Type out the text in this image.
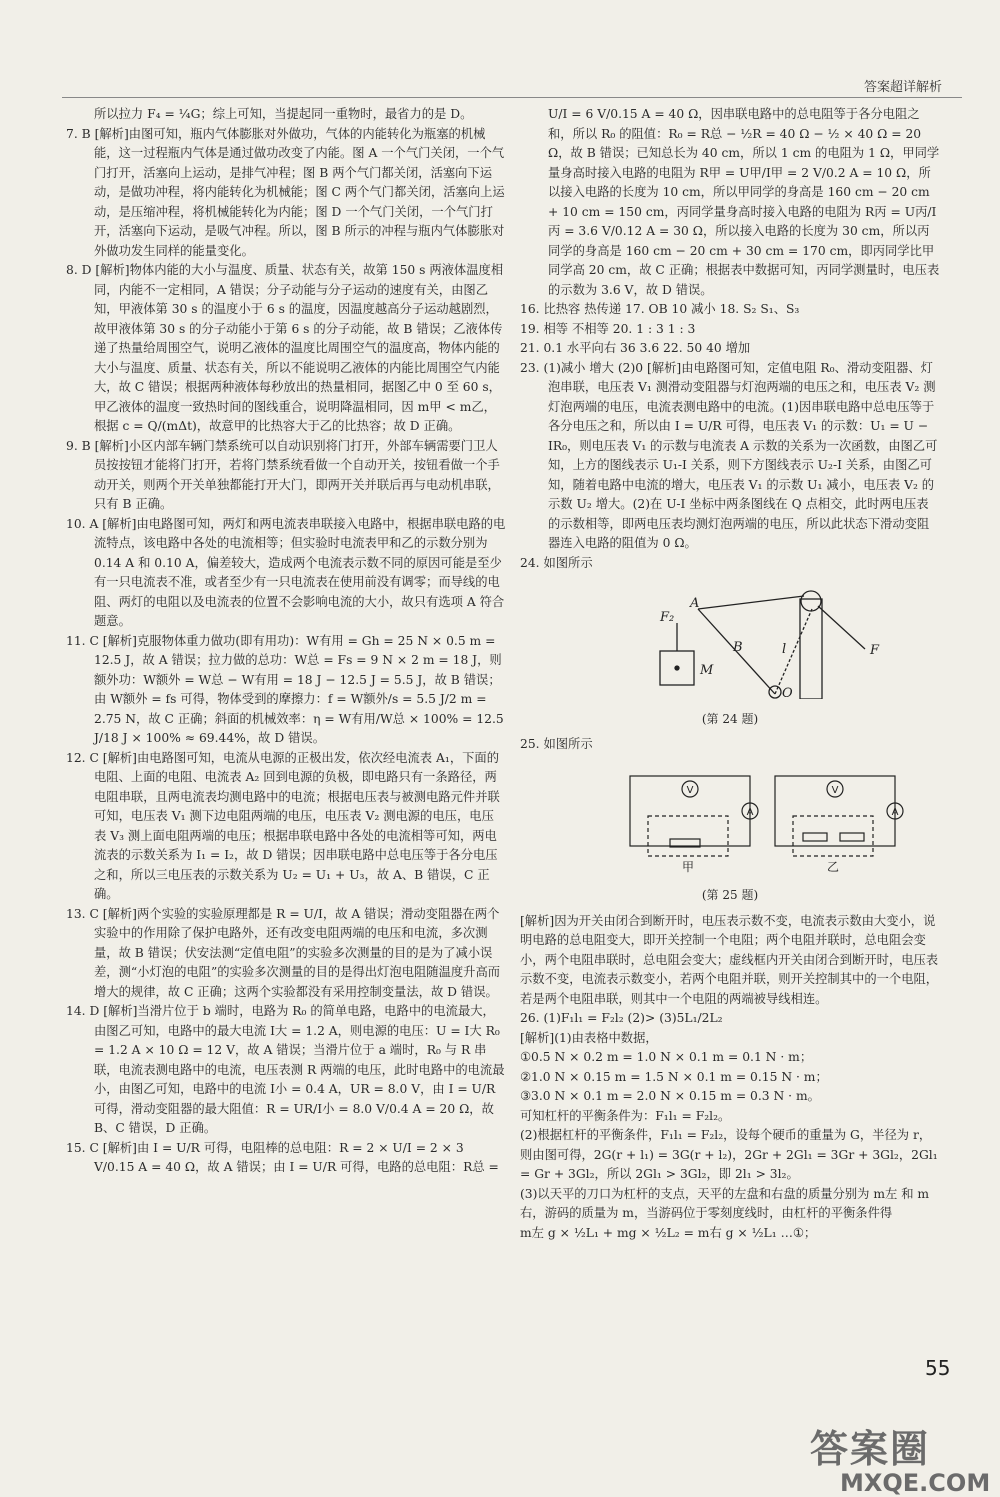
答案超详解析

所以拉力 F₄ = ¼G；综上可知，当提起同一重物时，最省力的是 D。

7. B [解析]由图可知，瓶内气体膨胀对外做功，气体的内能转化为瓶塞的机械能，这一过程瓶内气体是通过做功改变了内能。图 A 一个气门关闭，一个气门打开，活塞向上运动，是排气冲程；图 B 两个气门都关闭，活塞向下运动，是做功冲程，将内能转化为机械能；图 C 两个气门都关闭，活塞向上运动，是压缩冲程，将机械能转化为内能；图 D 一个气门关闭，一个气门打开，活塞向下运动，是吸气冲程。所以，图 B 所示的冲程与瓶内气体膨胀对外做功发生同样的能量变化。

8. D [解析]物体内能的大小与温度、质量、状态有关，故第 150 s 两液体温度相同，内能不一定相同，A 错误；分子动能与分子运动的速度有关，由图乙知，甲液体第 30 s 的温度小于 6 s 的温度，因温度越高分子运动越剧烈，故甲液体第 30 s 的分子动能小于第 6 s 的分子动能，故 B 错误；乙液体传递了热量给周围空气，说明乙液体的温度比周围空气的温度高，物体内能的大小与温度、质量、状态有关，所以不能说明乙液体的内能比周围空气内能大，故 C 错误；根据两种液体每秒放出的热量相同，据图乙中 0 至 60 s，甲乙液体的温度一致热时间的图线重合，说明降温相同，因 m甲 < m乙，根据 c = Q/(mΔt)，故意甲的比热容大于乙的比热容；故 D 正确。

9. B [解析]小区内部车辆门禁系统可以自动识别将门打开，外部车辆需要门卫人员按按钮才能将门打开，若将门禁系统看做一个自动开关，按钮看做一个手动开关，则两个开关单独都能打开大门，即两开关并联后再与电动机串联，只有 B 正确。

10. A [解析]由电路图可知，两灯和两电流表串联接入电路中，根据串联电路的电流特点，该电路中各处的电流相等；但实验时电流表甲和乙的示数分别为 0.14 A 和 0.10 A，偏差较大，造成两个电流表示数不同的原因可能是至少有一只电流表不准，或者至少有一只电流表在使用前没有调零；而导线的电阻、两灯的电阻以及电流表的位置不会影响电流的大小，故只有选项 A 符合题意。

11. C [解析]克服物体重力做功(即有用功)：W有用 = Gh = 25 N × 0.5 m = 12.5 J，故 A 错误；拉力做的总功：W总 = Fs = 9 N × 2 m = 18 J，则额外功：W额外 = W总 − W有用 = 18 J − 12.5 J = 5.5 J，故 B 错误；由 W额外 = fs 可得，物体受到的摩擦力：f = W额外/s = 5.5 J/2 m = 2.75 N，故 C 正确；斜面的机械效率：η = W有用/W总 × 100% = 12.5 J/18 J × 100% ≈ 69.44%，故 D 错误。

12. C [解析]由电路图可知，电流从电源的正极出发，依次经电流表 A₁，下面的电阻、上面的电阻、电流表 A₂ 回到电源的负极，即电路只有一条路径，两电阻串联，且两电流表均测电路中的电流；根据电压表与被测电路元件并联可知，电压表 V₁ 测下边电阻两端的电压，电压表 V₂ 测电源的电压，电压表 V₃ 测上面电阻两端的电压；根据串联电路中各处的电流相等可知，两电流表的示数关系为 I₁ = I₂，故 D 错误；因串联电路中总电压等于各分电压之和，所以三电压表的示数关系为 U₂ = U₁ + U₃，故 A、B 错误，C 正确。

13. C [解析]两个实验的实验原理都是 R = U/I，故 A 错误；滑动变阻器在两个实验中的作用除了保护电路外，还有改变电阻两端的电压和电流，多次测量，故 B 错误；伏安法测“定值电阻”的实验多次测量的目的是为了减小误差，测“小灯泡的电阻”的实验多次测量的目的是得出灯泡电阻随温度升高而增大的规律，故 C 正确；这两个实验都没有采用控制变量法，故 D 错误。

14. D [解析]当滑片位于 b 端时，电路为 R₀ 的简单电路，电路中的电流最大，由图乙可知，电路中的最大电流 I大 = 1.2 A，则电源的电压：U = I大 R₀ = 1.2 A × 10 Ω = 12 V，故 A 错误；当滑片位于 a 端时，R₀ 与 R 串联，电流表测电路中的电流，电压表测 R 两端的电压，此时电路中的电流最小，由图乙可知，电路中的电流 I小 = 0.4 A，UR = 8.0 V，由 I = U/R 可得，滑动变阻器的最大阻值：R = UR/I小 = 8.0 V/0.4 A = 20 Ω，故 B、C 错误，D 正确。

15. C [解析]由 I = U/R 可得，电阻棒的总电阻：R = 2 × U/I = 2 × 3 V/0.15 A = 40 Ω，故 A 错误；由 I = U/R 可得，电路的总电阻：R总 =

U/I = 6 V/0.15 A = 40 Ω，因串联电路中的总电阻等于各分电阻之和，所以 R₀ 的阻值：R₀ = R总 − ½R = 40 Ω − ½ × 40 Ω = 20 Ω，故 B 错误；已知总长为 40 cm，所以 1 cm 的电阻为 1 Ω，甲同学量身高时接入电路的电阻为 R甲 = U甲/I甲 = 2 V/0.2 A = 10 Ω，所以接入电路的长度为 10 cm，所以甲同学的身高是 160 cm − 20 cm + 10 cm = 150 cm，丙同学量身高时接入电路的电阻为 R丙 = U丙/I丙 = 3.6 V/0.12 A = 30 Ω，所以接入电路的长度为 30 cm，所以丙同学的身高是 160 cm − 20 cm + 30 cm = 170 cm，即丙同学比甲同学高 20 cm，故 C 正确；根据表中数据可知，丙同学测量时，电压表的示数为 3.6 V，故 D 错误。

16. 比热容 热传递 17. OB 10 减小 18. S₂ S₁、S₃

19. 相等 不相等 20. 1 : 3 1 : 3

21. 0.1 水平向右 36 3.6 22. 50 40 增加

23. (1)减小 增大 (2)0 [解析]由电路图可知，定值电阻 R₀、滑动变阻器、灯泡串联，电压表 V₁ 测滑动变阻器与灯泡两端的电压之和，电压表 V₂ 测灯泡两端的电压，电流表测电路中的电流。(1)因串联电路中总电压等于各分电压之和，所以由 I = U/R 可得，电压表 V₁ 的示数：U₁ = U − IR₀，则电压表 V₁ 的示数与电流表 A 示数的关系为一次函数，由图乙可知，上方的图线表示 U₁-I 关系，则下方图线表示 U₂-I 关系，由图乙可知，随着电路中电流的增大，电压表 V₁ 的示数 U₁ 减小，电压表 V₂ 的示数 U₂ 增大。(2)在 U-I 坐标中两条图线在 Q 点相交，此时两电压表的示数相等，即两电压表均测灯泡两端的电压，所以此状态下滑动变阻器连入电路的阻值为 0 Ω。

24. 如图所示

A
B	F
F₂
M
l
O

(第 24 题)

25. 如图所示

V
A
V
A
甲	乙

(第 25 题)

[解析]因为开关由闭合到断开时，电压表示数不变，电流表示数由大变小，说明电路的总电阻变大，即开关控制一个电阻；两个电阻并联时，总电阻会变小，两个电阻串联时，总电阻会变大；虚线框内开关由闭合到断开时，电压表示数不变，电流表示数变小，若两个电阻并联，则开关控制其中的一个电阻，若是两个电阻串联，则其中一个电阻的两端被导线相连。

26. (1)F₁l₁ = F₂l₂ (2)> (3)5L₁/2L₂

[解析](1)由表格中数据，

①0.5 N × 0.2 m = 1.0 N × 0.1 m = 0.1 N · m；

②1.0 N × 0.15 m = 1.5 N × 0.1 m = 0.15 N · m；

③3.0 N × 0.1 m = 2.0 N × 0.15 m = 0.3 N · m。

可知杠杆的平衡条件为：F₁l₁ = F₂l₂。

(2)根据杠杆的平衡条件，F₁l₁ = F₂l₂，设每个硬币的重量为 G，半径为 r，则由图可得，2G(r + l₁) = 3G(r + l₂)，2Gr + 2Gl₁ = 3Gr + 3Gl₂，2Gl₁ = Gr + 3Gl₂，所以 2Gl₁ > 3Gl₂，即 2l₁ > 3l₂。

(3)以天平的刀口为杠杆的支点，天平的左盘和右盘的质量分别为 m左 和 m右，游码的质量为 m，当游码位于零刻度线时，由杠杆的平衡条件得

m左 g × ½L₁ + mg × ½L₂ = m右 g × ½L₁ …①；

55
答案圈
MXQE.COM
